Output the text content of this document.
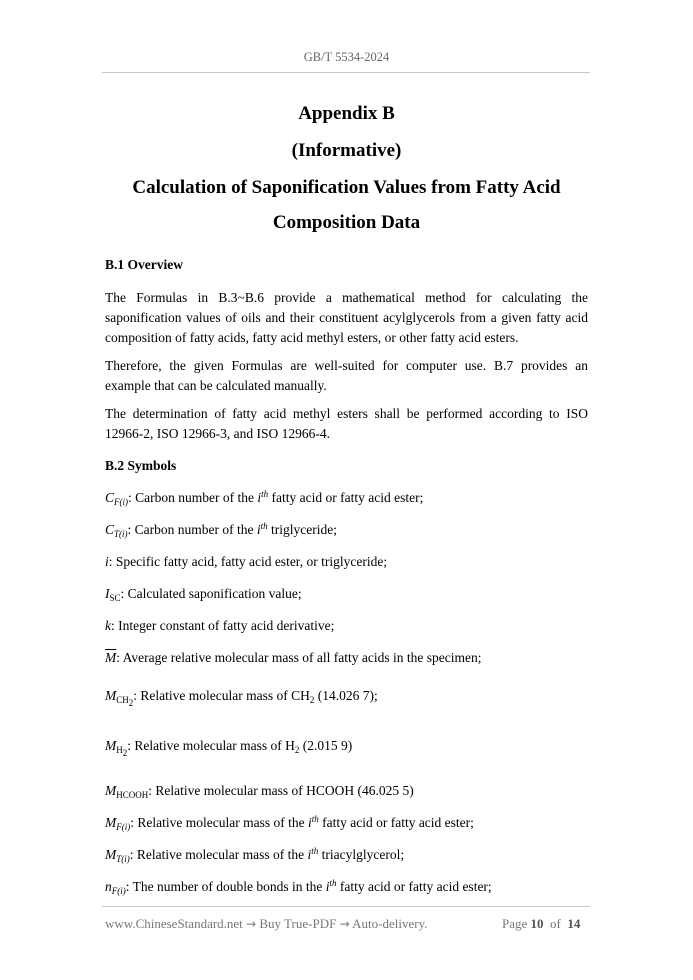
GB/T 5534-2024
Appendix B
(Informative)
Calculation of Saponification Values from Fatty Acid
Composition Data
B.1 Overview
The Formulas in B.3~B.6 provide a mathematical method for calculating the saponification values of oils and their constituent acylglycerols from a given fatty acid composition of fatty acids, fatty acid methyl esters, or other fatty acid esters.
Therefore, the given Formulas are well-suited for computer use. B.7 provides an example that can be calculated manually.
The determination of fatty acid methyl esters shall be performed according to ISO 12966-2, ISO 12966-3, and ISO 12966-4.
B.2 Symbols
$C_{F(i)}$: Carbon number of the $i^{th}$ fatty acid or fatty acid ester;
$C_{T(i)}$: Carbon number of the $i^{th}$ triglyceride;
i: Specific fatty acid, fatty acid ester, or triglyceride;
$I_{SC}$: Calculated saponification value;
k: Integer constant of fatty acid derivative;
$\overline{M}$: Average relative molecular mass of all fatty acids in the specimen;
$M_{CH_2}$: Relative molecular mass of $CH_2$ (14.026 7);
$M_{H_2}$: Relative molecular mass of $H_2$ (2.015 9)
$M_{HCOOH}$: Relative molecular mass of HCOOH (46.025 5)
$M_{F(i)}$: Relative molecular mass of the $i^{th}$ fatty acid or fatty acid ester;
$M_{T(i)}$: Relative molecular mass of the $i^{th}$ triacylglycerol;
$n_{F(i)}$: The number of double bonds in the $i^{th}$ fatty acid or fatty acid ester;
www.ChineseStandard.net → Buy True-PDF → Auto-delivery.	Page 10 of 14
